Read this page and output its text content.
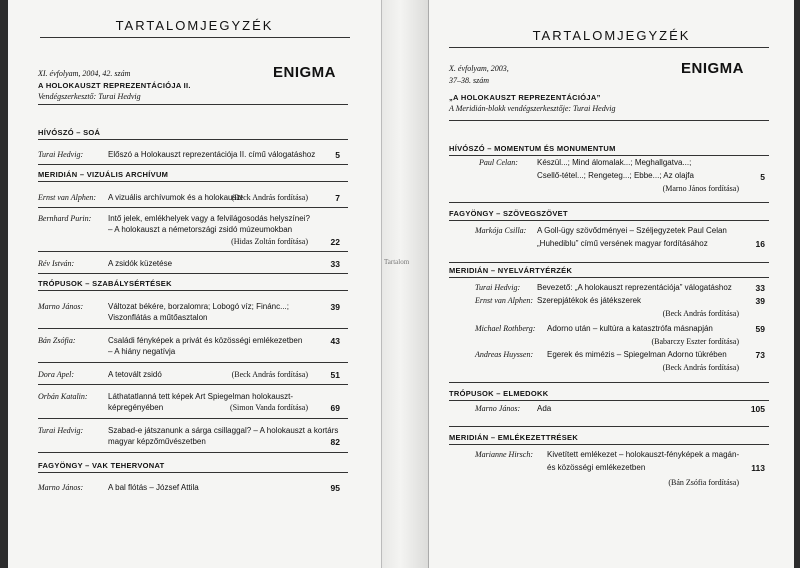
TARTALOMJEGYZÉK
XI. évfolyam, 2004, 42. szám	ENIGMA
A HOLOKAUSZT REPREZENTÁCIÓJA II.
Vendégszerkesztő: Turai Hedvig
HÍVÓSZÓ – SOÁ
Turai Hedvig:	Előszó a Holokauszt reprezentációja II. című válogatáshoz	5
MERIDIÁN – VIZUÁLIS ARCHÍVUM
Ernst van Alphen: A vizuális archívumok és a holokauszt
(Beck András fordítása)	7
Bernhard Purin: Intő jelek, emlékhelyek vagy a felvilágosodás helyszínei?
– A holokauszt a németországi zsidó múzeumokban
(Hidas Zoltán fordítása)	22
Rév István:	A zsidók küzetése	33
TRÓPUSOK – SZABÁLYSÉRTÉSEK
Marno János:	Változat békére, borzalomra; Lobogó víz; Finánc...;
Viszonflátás a műtőasztalon
39
Bán Zsófia:	Családi fényképek a privát és közösségi emlékezetben
– A hiány negatívja
43
Dora Apel:	A tetovált zsidó	(Beck András fordítása)	51
Orbán Katalin:	Láthatatlanná tett képek Art Spiegelman holokauszt-
képregényében	(Simon Vanda fordítása)	69
Turai Hedvig:	Szabad-e játszanunk a sárga csillaggal? – A holokauszt a kortárs
magyar képzőművészetben	82
FAGYÖNGY – VAK TEHERVONAT
Marno János:	A bal flótás – József Attila	95
Tartalom
TARTALOMJEGYZÉK
X. évfolyam, 2003,
37–38. szám
ENIGMA
„A HOLOKAUSZT REPREZENTÁCIÓJA”
A Meridián-blokk vendégszerkesztője: Turai Hedvig
HÍVÓSZÓ – MOMENTUM ÉS MONUMENTUM
Paul Celan: Készül...; Mind álomalak...; Meghallgatva...;
Csellő-tétel...; Rengeteg...; Ebbe...; Az olajfa
(Marno János fordítása)
5
FAGYÖNGY – SZÖVEGSZÖVET
Markója Csilla: A Goll-ügy szövődményei – Széljegyzetek Paul Celan
„Huhediblu” című versének magyar fordításához	16
MERIDIÁN – NYELVÁRTYÉRZÉK
Turai Hedvig: Bevezető: „A holokauszt reprezentációja” válogatáshoz	33
Ernst van Alphen: Szerepjátékok és játékszerek
(Beck András fordítása)
39
Michael Rothberg: Adorno után – kultúra a katasztrófa másnapján
(Babarczy Eszter fordítása)
59
Andreas Huyssen: Egerek és mimézis – Spiegelman Adorno tükrében
(Beck András fordítása)
73
TRÓPUSOK – ELMEDOKK
Marno János: Ada	105
MERIDIÁN – EMLÉKEZETTRÉSEK
Marianne Hirsch: Kivetített emlékezet – holokauszt-fényképek a magán-
és közösségi emlékezetben
(Bán Zsófia fordítása)
113
